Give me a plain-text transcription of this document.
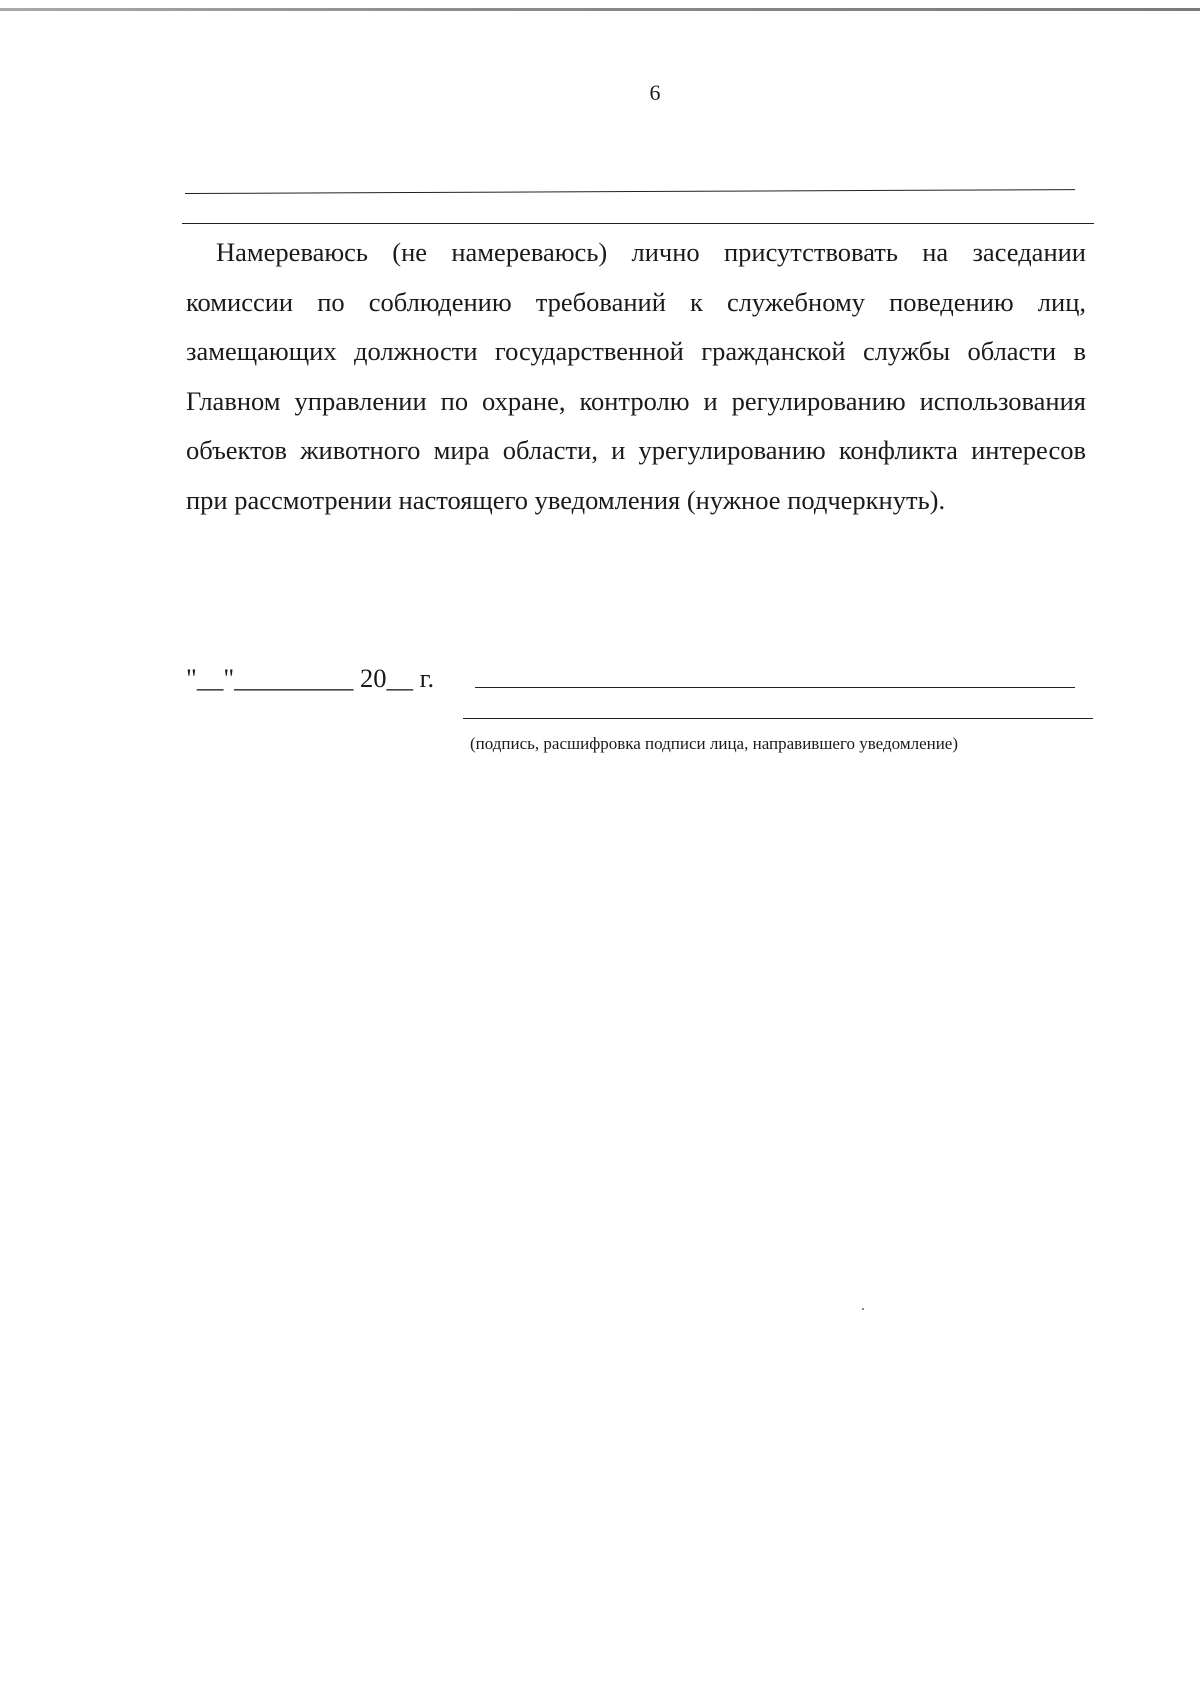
6

Намереваюсь (не намереваюсь) лично присутствовать на заседании комиссии по соблюдению требований к служебному поведению лиц, замещающих должности государственной гражданской службы области в Главном управлении по охране, контролю и регулированию использования объектов животного мира области, и урегулированию конфликта интересов при рассмотрении настоящего уведомления (нужное подчеркнуть).

"__"_________ 20__ г.
(подпись, расшифровка подписи лица, направившего уведомление)
